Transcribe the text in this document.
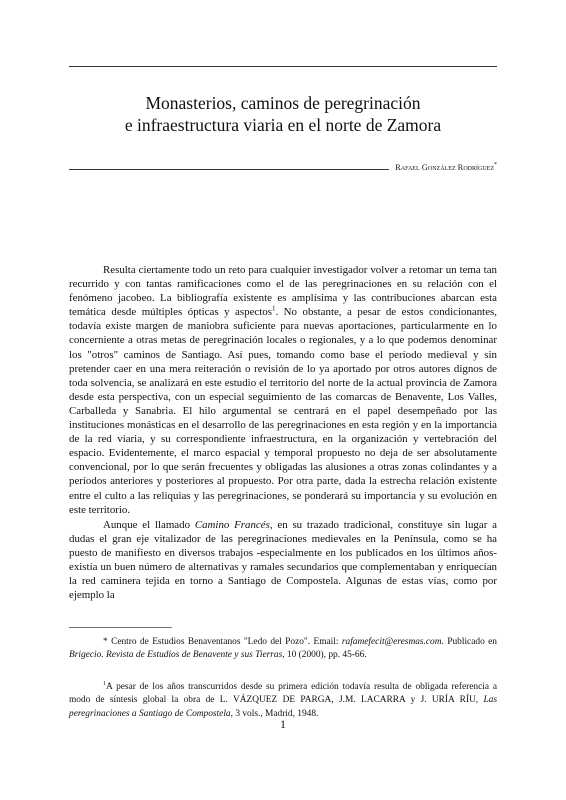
Monasterios, caminos de peregrinación
e infraestructura viaria en el norte de Zamora
Rafael González Rodríguez*

Resulta ciertamente todo un reto para cualquier investigador volver a retomar un tema tan recurrido y con tantas ramificaciones como el de las peregrinaciones en su relación con el fenómeno jacobeo. La bibliografía existente es amplísima y las contribuciones abarcan esta temática desde múltiples ópticas y aspectos$^1$. No obstante, a pesar de estos condicionantes, todavía existe margen de maniobra suficiente para nuevas aportaciones, particularmente en lo concerniente a otras metas de peregrinación locales o regionales, y a lo que podemos denominar los "otros" caminos de Santiago. Así pues, tomando como base el período medieval y sin pretender caer en una mera reiteración o revisión de lo ya aportado por otros autores dignos de toda solvencia, se analizará en este estudio el territorio del norte de la actual provincia de Zamora desde esta perspectiva, con un especial seguimiento de las comarcas de Benavente, Los Valles, Carballeda y Sanabria. El hilo argumental se centrará en el papel desempeñado por las instituciones monásticas en el desarrollo de las peregrinaciones en esta región y en la importancia de la red viaria, y su correspondiente infraestructura, en la organización y vertebración del espacio. Evidentemente, el marco espacial y temporal propuesto no deja de ser absolutamente convencional, por lo que serán frecuentes y obligadas las alusiones a otras zonas colindantes y a períodos anteriores y posteriores al propuesto. Por otra parte, dada la estrecha relación existente entre el culto a las reliquias y las peregrinaciones, se ponderará su importancia y su evolución en este territorio.

Aunque el llamado Camino Francés, en su trazado tradicional, constituye sin lugar a dudas el gran eje vitalizador de las peregrinaciones medievales en la Península, como se ha puesto de manifiesto en diversos trabajos -especialmente en los publicados en los últimos años- existía un buen número de alternativas y ramales secundarios que complementaban y enriquecían la red caminera tejida en torno a Santiago de Compostela. Algunas de estas vías, como por ejemplo la

* Centro de Estudios Benaventanos "Ledo del Pozo". Email: rafamefecit@eresmas.com. Publicado en Brigecio. Revista de Estudios de Benavente y sus Tierras, 10 (2000), pp. 45-66.

$^1$A pesar de los años transcurridos desde su primera edición todavía resulta de obligada referencia a modo de síntesis global la obra de L. VÁZQUEZ DE PARGA, J.M. LACARRA y J. URÍA RÍU, Las peregrinaciones a Santiago de Compostela, 3 vols., Madrid, 1948.

1
